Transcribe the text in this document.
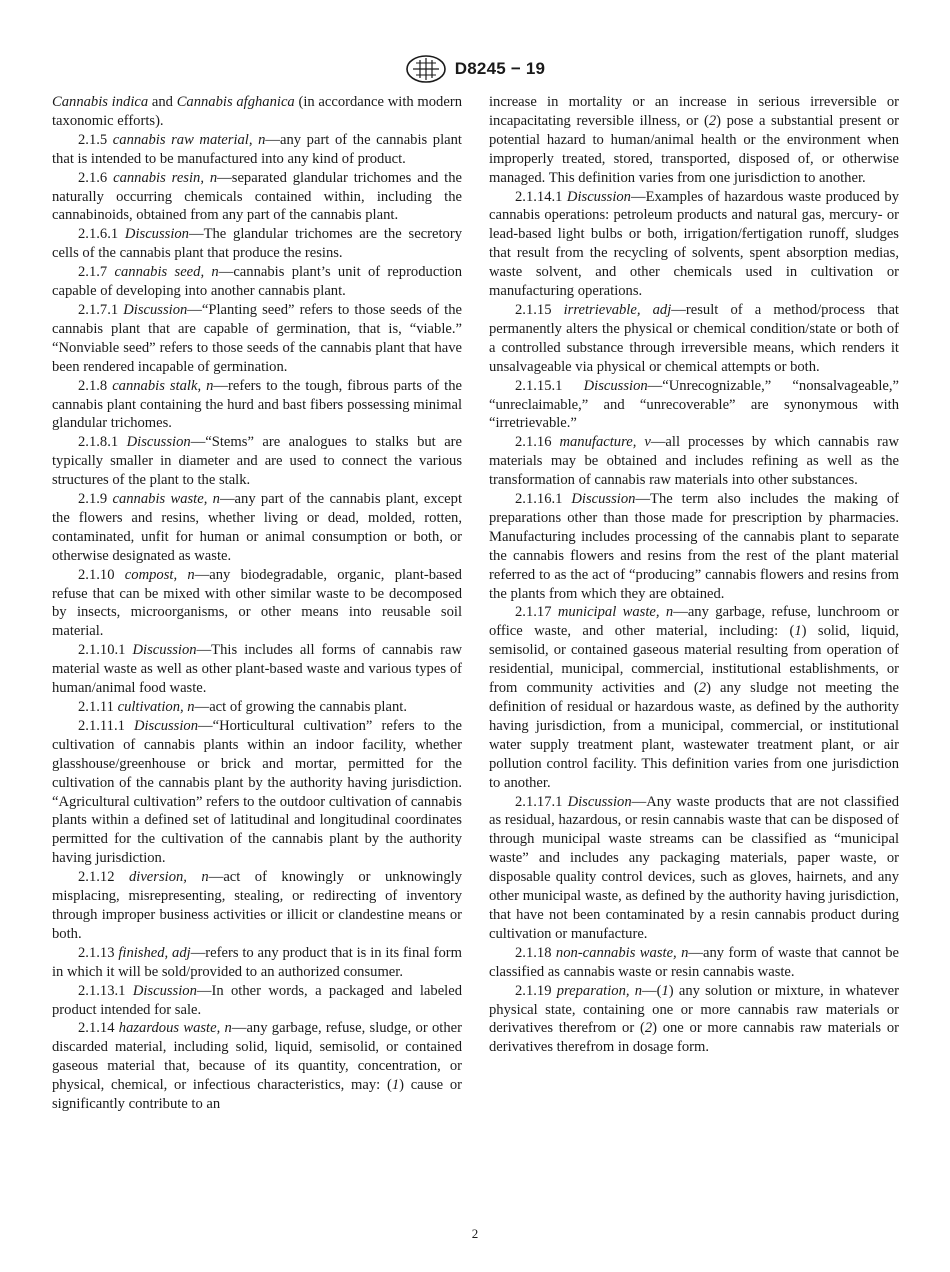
D8245 − 19

Cannabis indica and Cannabis afghanica (in accordance with modern taxonomic efforts).

2.1.5 cannabis raw material, n—any part of the cannabis plant that is intended to be manufactured into any kind of product.

2.1.6 cannabis resin, n—separated glandular trichomes and the naturally occurring chemicals contained within, including the cannabinoids, obtained from any part of the cannabis plant.

2.1.6.1 Discussion—The glandular trichomes are the secretory cells of the cannabis plant that produce the resins.

2.1.7 cannabis seed, n—cannabis plant’s unit of reproduction capable of developing into another cannabis plant.

2.1.7.1 Discussion—“Planting seed” refers to those seeds of the cannabis plant that are capable of germination, that is, “viable.” “Nonviable seed” refers to those seeds of the cannabis plant that have been rendered incapable of germination.

2.1.8 cannabis stalk, n—refers to the tough, fibrous parts of the cannabis plant containing the hurd and bast fibers possessing minimal glandular trichomes.

2.1.8.1 Discussion—“Stems” are analogues to stalks but are typically smaller in diameter and are used to connect the various structures of the plant to the stalk.

2.1.9 cannabis waste, n—any part of the cannabis plant, except the flowers and resins, whether living or dead, molded, rotten, contaminated, unfit for human or animal consumption or both, or otherwise designated as waste.

2.1.10 compost, n—any biodegradable, organic, plant-based refuse that can be mixed with other similar waste to be decomposed by insects, microorganisms, or other means into reusable soil material.

2.1.10.1 Discussion—This includes all forms of cannabis raw material waste as well as other plant-based waste and various types of human/animal food waste.

2.1.11 cultivation, n—act of growing the cannabis plant.

2.1.11.1 Discussion—“Horticultural cultivation” refers to the cultivation of cannabis plants within an indoor facility, whether glasshouse/greenhouse or brick and mortar, permitted for the cultivation of the cannabis plant by the authority having jurisdiction. “Agricultural cultivation” refers to the outdoor cultivation of cannabis plants within a defined set of latitudinal and longitudinal coordinates permitted for the cultivation of the cannabis plant by the authority having jurisdiction.

2.1.12 diversion, n—act of knowingly or unknowingly misplacing, misrepresenting, stealing, or redirecting of inventory through improper business activities or illicit or clandestine means or both.

2.1.13 finished, adj—refers to any product that is in its final form in which it will be sold/provided to an authorized consumer.

2.1.13.1 Discussion—In other words, a packaged and labeled product intended for sale.

2.1.14 hazardous waste, n—any garbage, refuse, sludge, or other discarded material, including solid, liquid, semisolid, or contained gaseous material that, because of its quantity, concentration, or physical, chemical, or infectious characteristics, may: (1) cause or significantly contribute to an

increase in mortality or an increase in serious irreversible or incapacitating reversible illness, or (2) pose a substantial present or potential hazard to human/animal health or the environment when improperly treated, stored, transported, disposed of, or otherwise managed. This definition varies from one jurisdiction to another.

2.1.14.1 Discussion—Examples of hazardous waste produced by cannabis operations: petroleum products and natural gas, mercury- or lead-based light bulbs or both, irrigation/fertigation runoff, sludges that result from the recycling of solvents, spent absorption medias, waste solvent, and other chemicals used in cultivation or manufacturing operations.

2.1.15 irretrievable, adj—result of a method/process that permanently alters the physical or chemical condition/state or both of a controlled substance through irreversible means, which renders it unsalvageable via physical or chemical attempts or both.

2.1.15.1 Discussion—“Unrecognizable,” “nonsalvageable,” “unreclaimable,” and “unrecoverable” are synonymous with “irretrievable.”

2.1.16 manufacture, v—all processes by which cannabis raw materials may be obtained and includes refining as well as the transformation of cannabis raw materials into other substances.

2.1.16.1 Discussion—The term also includes the making of preparations other than those made for prescription by pharmacies. Manufacturing includes processing of the cannabis plant to separate the cannabis flowers and resins from the rest of the plant material referred to as the act of “producing” cannabis flowers and resins from the plants from which they are obtained.

2.1.17 municipal waste, n—any garbage, refuse, lunchroom or office waste, and other material, including: (1) solid, liquid, semisolid, or contained gaseous material resulting from operation of residential, municipal, commercial, institutional establishments, or from community activities and (2) any sludge not meeting the definition of residual or hazardous waste, as defined by the authority having jurisdiction, from a municipal, commercial, or institutional water supply treatment plant, wastewater treatment plant, or air pollution control facility. This definition varies from one jurisdiction to another.

2.1.17.1 Discussion—Any waste products that are not classified as residual, hazardous, or resin cannabis waste that can be disposed of through municipal waste streams can be classified as “municipal waste” and includes any packaging materials, paper waste, or disposable quality control devices, such as gloves, hairnets, and any other municipal waste, as defined by the authority having jurisdiction, that have not been contaminated by a resin cannabis product during cultivation or manufacture.

2.1.18 non-cannabis waste, n—any form of waste that cannot be classified as cannabis waste or resin cannabis waste.

2.1.19 preparation, n—(1) any solution or mixture, in whatever physical state, containing one or more cannabis raw materials or derivatives therefrom or (2) one or more cannabis raw materials or derivatives therefrom in dosage form.

2
